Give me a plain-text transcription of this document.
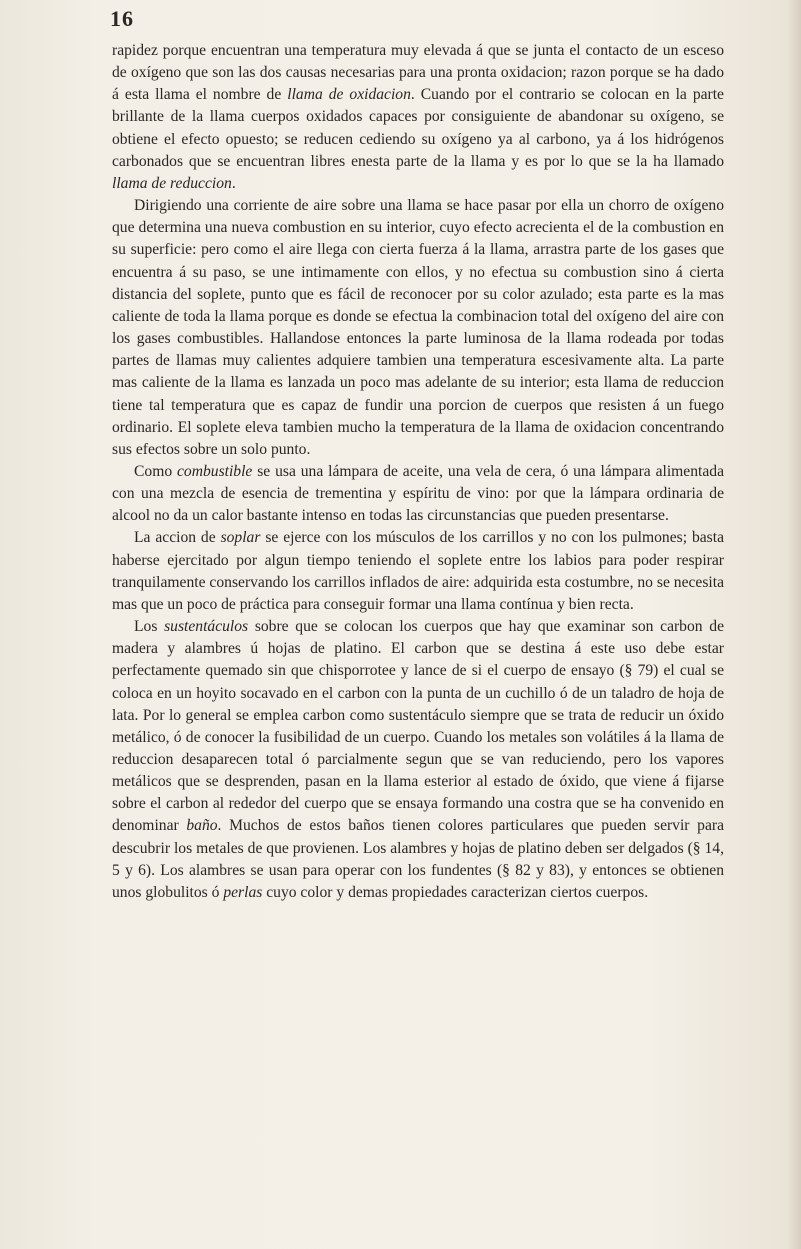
16

rapidez porque encuentran una temperatura muy elevada á que se junta el contacto de un esceso de oxígeno que son las dos causas necesarias para una pronta oxidacion; razon porque se ha dado á esta llama el nombre de llama de oxidacion. Cuando por el contrario se colocan en la parte brillante de la llama cuerpos oxidados capaces por consiguiente de abandonar su oxígeno, se obtiene el efecto opuesto; se reducen cediendo su oxígeno ya al carbono, ya á los hidrógenos carbonados que se encuentran libres enesta parte de la llama y es por lo que se la ha llamado llama de reduccion.

Dirigiendo una corriente de aire sobre una llama se hace pasar por ella un chorro de oxígeno que determina una nueva combustion en su interior, cuyo efecto acrecienta el de la combustion en su superficie: pero como el aire llega con cierta fuerza á la llama, arrastra parte de los gases que encuentra á su paso, se une intimamente con ellos, y no efectua su combustion sino á cierta distancia del soplete, punto que es fácil de reconocer por su color azulado; esta parte es la mas caliente de toda la llama porque es donde se efectua la combinacion total del oxígeno del aire con los gases combustibles. Hallandose entonces la parte luminosa de la llama rodeada por todas partes de llamas muy calientes adquiere tambien una temperatura escesivamente alta. La parte mas caliente de la llama es lanzada un poco mas adelante de su interior; esta llama de reduccion tiene tal temperatura que es capaz de fundir una porcion de cuerpos que resisten á un fuego ordinario. El soplete eleva tambien mucho la temperatura de la llama de oxidacion concentrando sus efectos sobre un solo punto.

Como combustible se usa una lámpara de aceite, una vela de cera, ó una lámpara alimentada con una mezcla de esencia de trementina y espíritu de vino: por que la lámpara ordinaria de alcool no da un calor bastante intenso en todas las circunstancias que pueden presentarse.

La accion de soplar se ejerce con los músculos de los carrillos y no con los pulmones; basta haberse ejercitado por algun tiempo teniendo el soplete entre los labios para poder respirar tranquilamente conservando los carrillos inflados de aire: adquirida esta costumbre, no se necesita mas que un poco de práctica para conseguir formar una llama contínua y bien recta.

Los sustentáculos sobre que se colocan los cuerpos que hay que examinar son carbon de madera y alambres ú hojas de platino. El carbon que se destina á este uso debe estar perfectamente quemado sin que chisporrotee y lance de si el cuerpo de ensayo (§ 79) el cual se coloca en un hoyito socavado en el carbon con la punta de un cuchillo ó de un taladro de hoja de lata. Por lo general se emplea carbon como sustentáculo siempre que se trata de reducir un óxido metálico, ó de conocer la fusibilidad de un cuerpo. Cuando los metales son volátiles á la llama de reduccion desaparecen total ó parcialmente segun que se van reduciendo, pero los vapores metálicos que se desprenden, pasan en la llama esterior al estado de óxido, que viene á fijarse sobre el carbon al rededor del cuerpo que se ensaya formando una costra que se ha convenido en denominar baño. Muchos de estos baños tienen colores particulares que pueden servir para descubrir los metales de que provienen. Los alambres y hojas de platino deben ser delgados (§ 14, 5 y 6). Los alambres se usan para operar con los fundentes (§ 82 y 83), y entonces se obtienen unos globulitos ó perlas cuyo color y demas propiedades caracterizan ciertos cuerpos.
